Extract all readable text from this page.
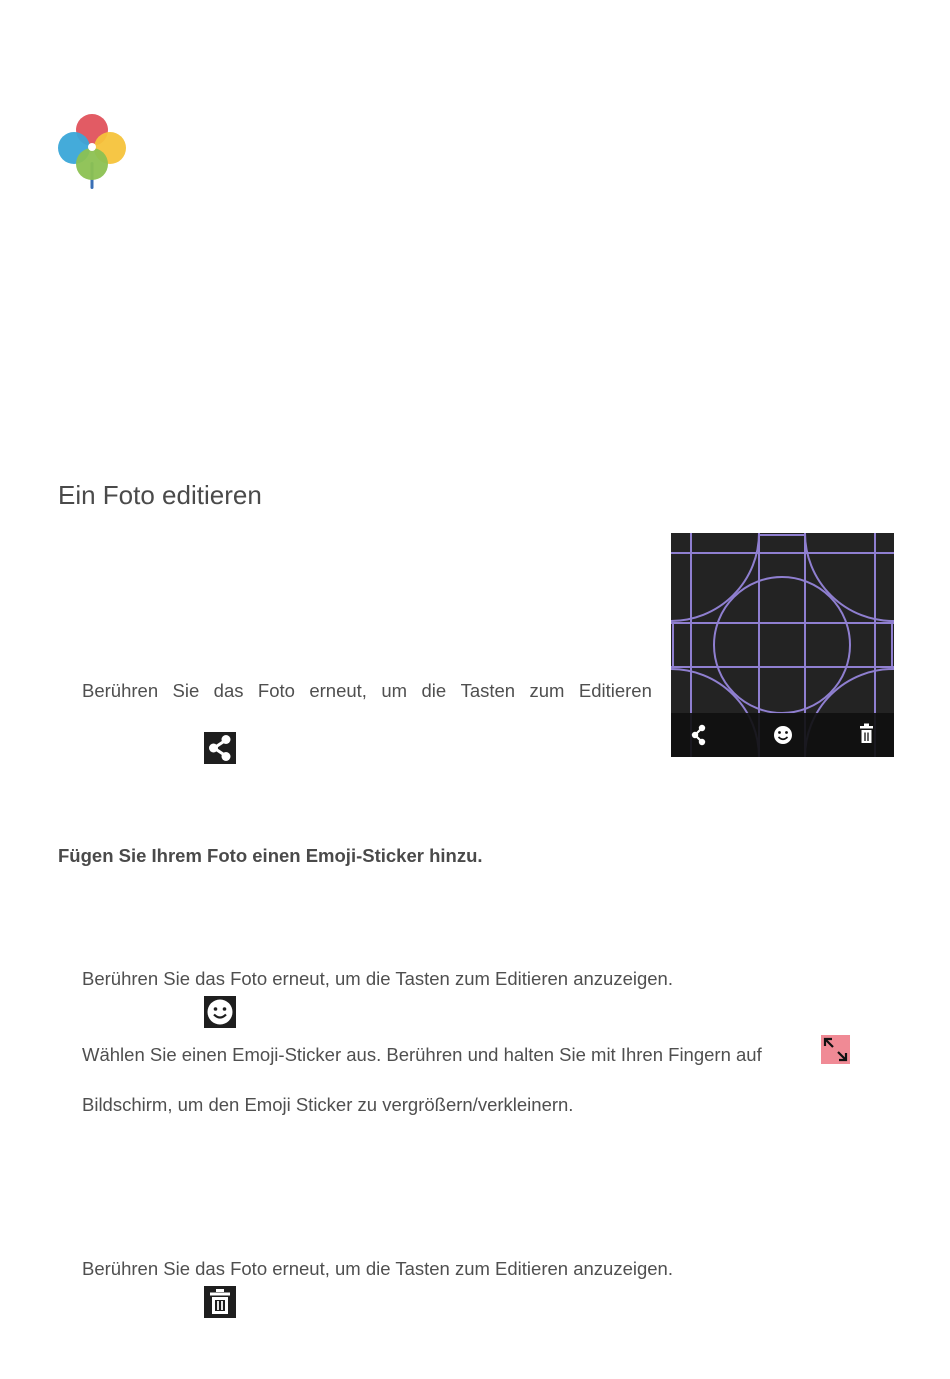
Ein Foto editieren
Berühren Sie das Foto erneut, um die Tasten zum Editieren
Fügen Sie Ihrem Foto einen Emoji-Sticker hinzu.
Berühren Sie das Foto erneut, um die Tasten zum Editieren anzuzeigen.
Wählen Sie einen Emoji-Sticker aus. Berühren und halten Sie mit Ihren Fingern auf
Bildschirm, um den Emoji Sticker zu vergrößern/verkleinern.
Berühren Sie das Foto erneut, um die Tasten zum Editieren anzuzeigen.
